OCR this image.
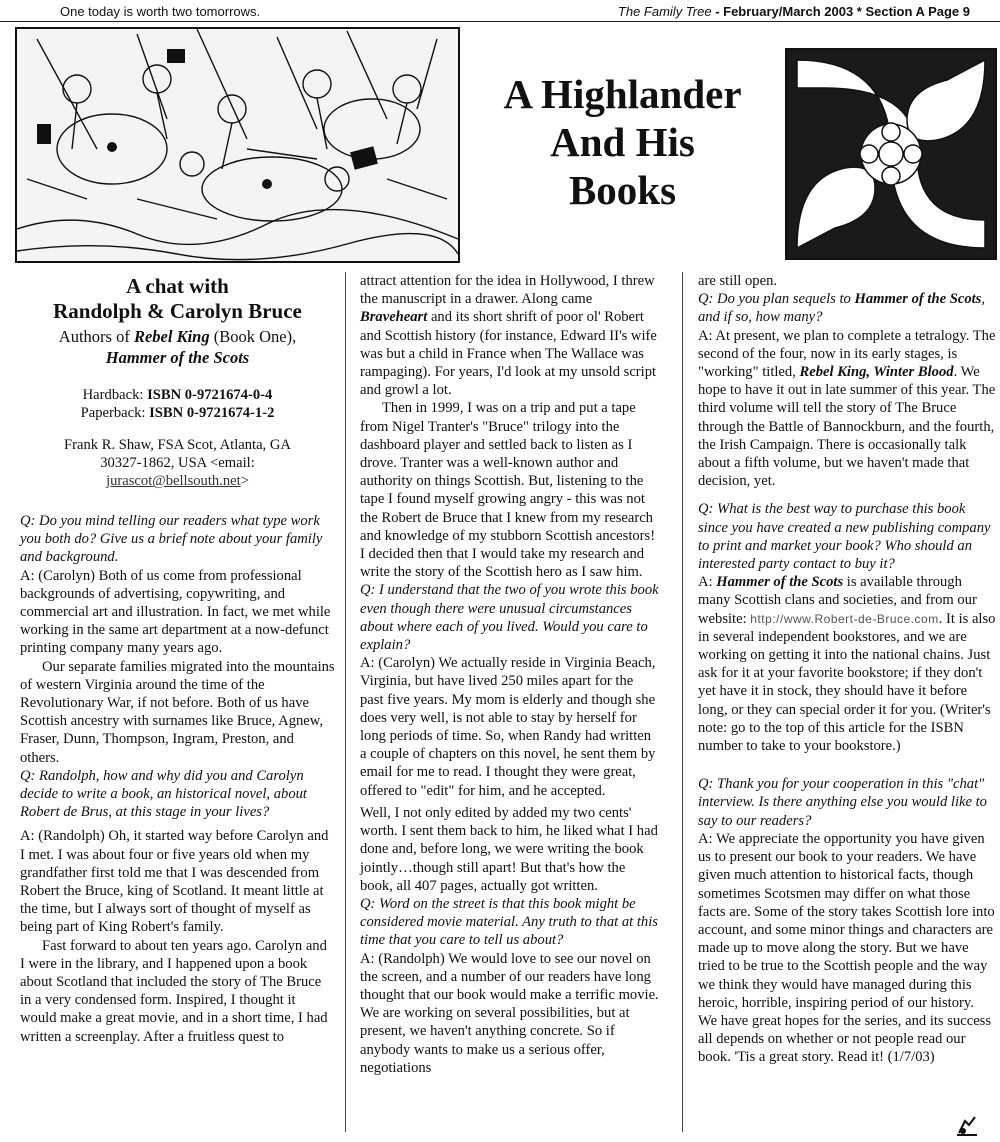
One today is worth two tomorrows.	The Family Tree - February/March 2003 * Section A Page 9
A Highlander
And His
Books
A chat with
Randolph & Carolyn Bruce
Authors of Rebel King (Book One),
Hammer of the Scots
Hardback: ISBN 0-9721674-0-4
Paperback: ISBN 0-9721674-1-2
Frank R. Shaw, FSA Scot, Atlanta, GA
30327-1862, USA <email:
jurascot@bellsouth.net>

Q: Do you mind telling our readers what type work you both do? Give us a brief note about your family and background.

A: (Carolyn) Both of us come from professional backgrounds of advertising, copywriting, and commercial art and illustration. In fact, we met while working in the same art department at a now-defunct printing company many years ago.

Our separate families migrated into the mountains of western Virginia around the time of the Revolutionary War, if not before. Both of us have Scottish ancestry with surnames like Bruce, Agnew, Fraser, Dunn, Thompson, Ingram, Preston, and others.

Q: Randolph, how and why did you and Carolyn decide to write a book, an historical novel, about Robert de Brus, at this stage in your lives?

A: (Randolph) Oh, it started way before Carolyn and I met. I was about four or five years old when my grandfather first told me that I was descended from Robert the Bruce, king of Scotland. It meant little at the time, but I always sort of thought of myself as being part of King Robert's family.

Fast forward to about ten years ago. Carolyn and I were in the library, and I happened upon a book about Scotland that included the story of The Bruce in a very condensed form. Inspired, I thought it would make a great movie, and in a short time, I had written a screenplay. After a fruitless quest to

attract attention for the idea in Hollywood, I threw the manuscript in a drawer. Along came Braveheart and its short shrift of poor ol' Robert and Scottish history (for instance, Edward II's wife was but a child in France when The Wallace was rampaging). For years, I'd look at my unsold script and growl a lot.

Then in 1999, I was on a trip and put a tape from Nigel Tranter's "Bruce" trilogy into the dashboard player and settled back to listen as I drove. Tranter was a well-known author and authority on things Scottish. But, listening to the tape I found myself growing angry - this was not the Robert de Bruce that I knew from my research and knowledge of my stubborn Scottish ancestors! I decided then that I would take my research and write the story of the Scottish hero as I saw him.

Q: I understand that the two of you wrote this book even though there were unusual circumstances about where each of you lived. Would you care to explain?

A: (Carolyn) We actually reside in Virginia Beach, Virginia, but have lived 250 miles apart for the past five years. My mom is elderly and though she does very well, is not able to stay by herself for long periods of time. So, when Randy had written a couple of chapters on this novel, he sent them by email for me to read. I thought they were great, offered to "edit" for him, and he accepted.

Well, I not only edited by added my two cents' worth. I sent them back to him, he liked what I had done and, before long, we were writing the book jointly…though still apart! But that's how the book, all 407 pages, actually got written.

Q: Word on the street is that this book might be considered movie material. Any truth to that at this time that you care to tell us about?

A: (Randolph) We would love to see our novel on the screen, and a number of our readers have long thought that our book would make a terrific movie. We are working on several possibilities, but at present, we haven't anything concrete. So if anybody wants to make us a serious offer, negotiations

are still open.

Q: Do you plan sequels to Hammer of the Scots, and if so, how many?

A: At present, we plan to complete a tetralogy. The second of the four, now in its early stages, is "working" titled, Rebel King, Winter Blood. We hope to have it out in late summer of this year. The third volume will tell the story of The Bruce through the Battle of Bannockburn, and the fourth, the Irish Campaign. There is occasionally talk about a fifth volume, but we haven't made that decision, yet.

Q: What is the best way to purchase this book since you have created a new publishing company to print and market your book? Who should an interested party contact to buy it?

A: Hammer of the Scots is available through many Scottish clans and societies, and from our website: http://www.Robert-de-Bruce.com. It is also in several independent bookstores, and we are working on getting it into the national chains. Just ask for it at your favorite bookstore; if they don't yet have it in stock, they should have it before long, or they can special order it for you. (Writer's note: go to the top of this article for the ISBN number to take to your bookstore.)

Q: Thank you for your cooperation in this "chat" interview. Is there anything else you would like to say to our readers?

A: We appreciate the opportunity you have given us to present our book to your readers. We have given much attention to historical facts, though sometimes Scotsmen may differ on what those facts are. Some of the story takes Scottish lore into account, and some minor things and characters are made up to move along the story. But we have tried to be true to the Scottish people and the way we think they would have managed during this heroic, horrible, inspiring period of our history. We have great hopes for the series, and its success all depends on whether or not people read our book. 'Tis a great story. Read it! (1/7/03)
